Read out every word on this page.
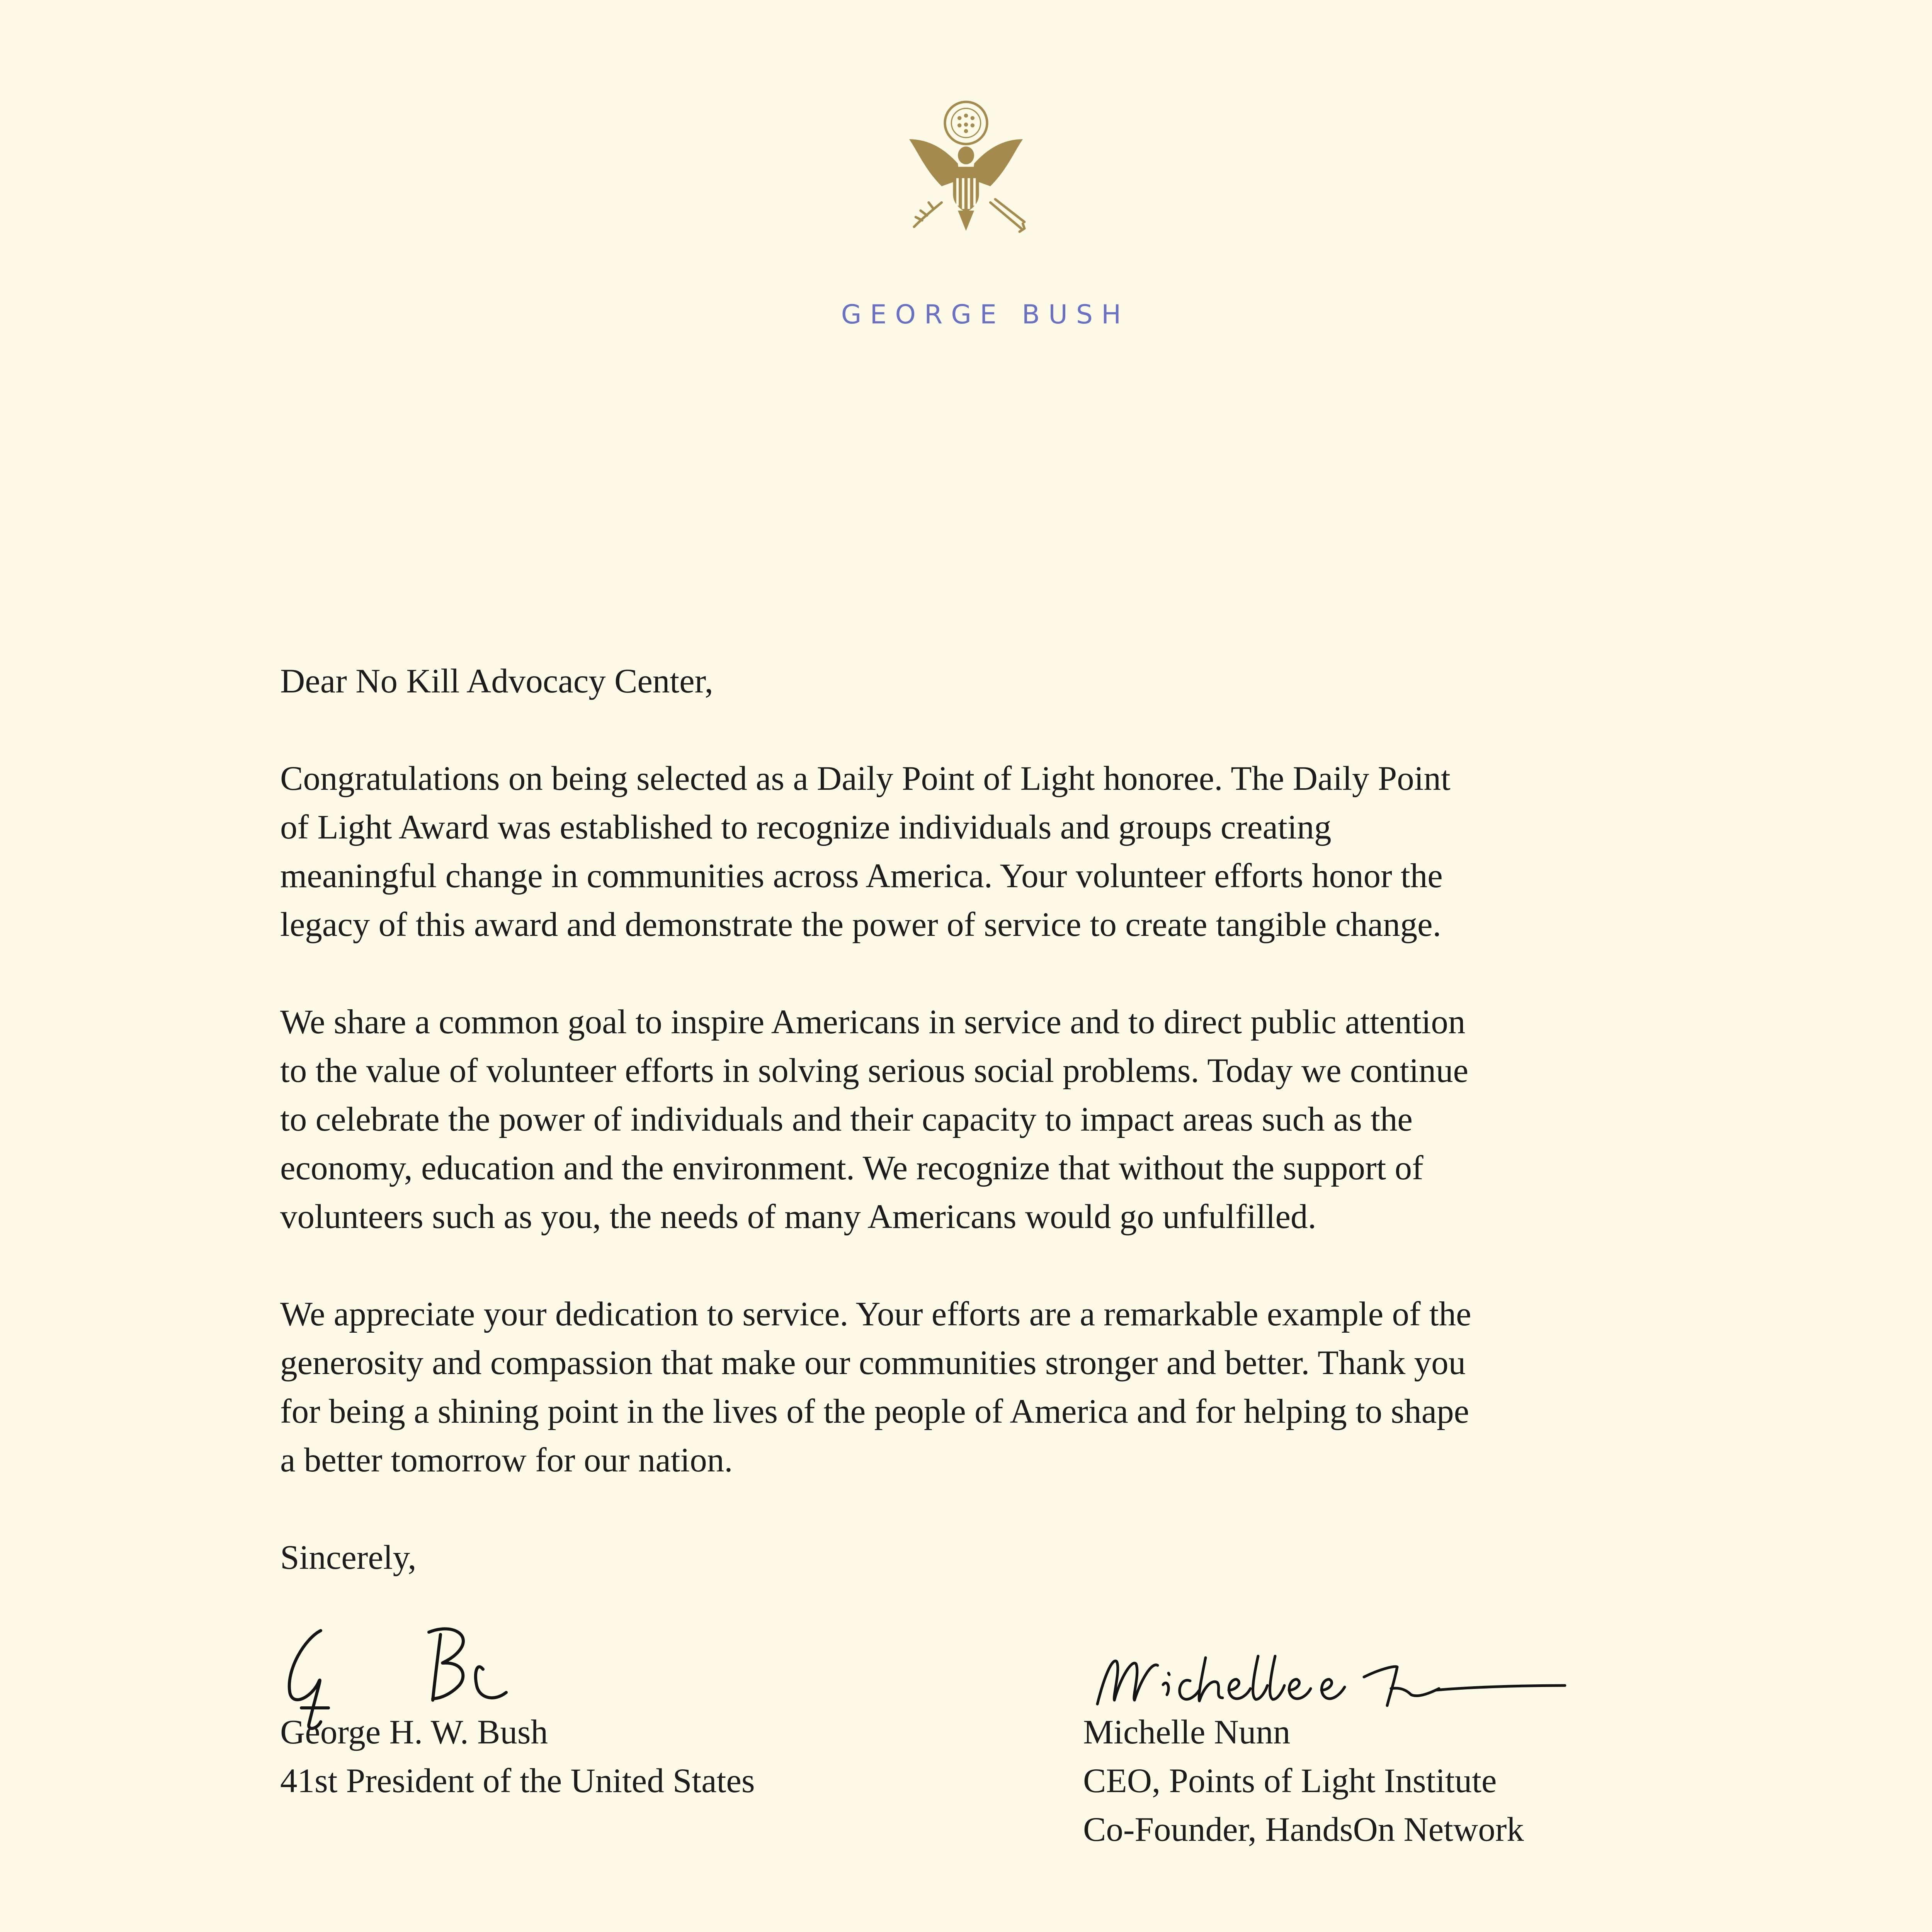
GEORGE BUSH

Dear No Kill Advocacy Center,

Congratulations on being selected as a Daily Point of Light honoree. The Daily Point
of Light Award was established to recognize individuals and groups creating
meaningful change in communities across America. Your volunteer efforts honor the
legacy of this award and demonstrate the power of service to create tangible change.

We share a common goal to inspire Americans in service and to direct public attention
to the value of volunteer efforts in solving serious social problems. Today we continue
to celebrate the power of individuals and their capacity to impact areas such as the
economy, education and the environment. We recognize that without the support of
volunteers such as you, the needs of many Americans would go unfulfilled.

We appreciate your dedication to service. Your efforts are a remarkable example of the
generosity and compassion that make our communities stronger and better. Thank you
for being a shining point in the lives of the people of America and for helping to shape
a better tomorrow for our nation.

Sincerely,

George H. W. Bush
41st President of the United States
Michelle Nunn
CEO, Points of Light Institute
Co-Founder, HandsOn Network
